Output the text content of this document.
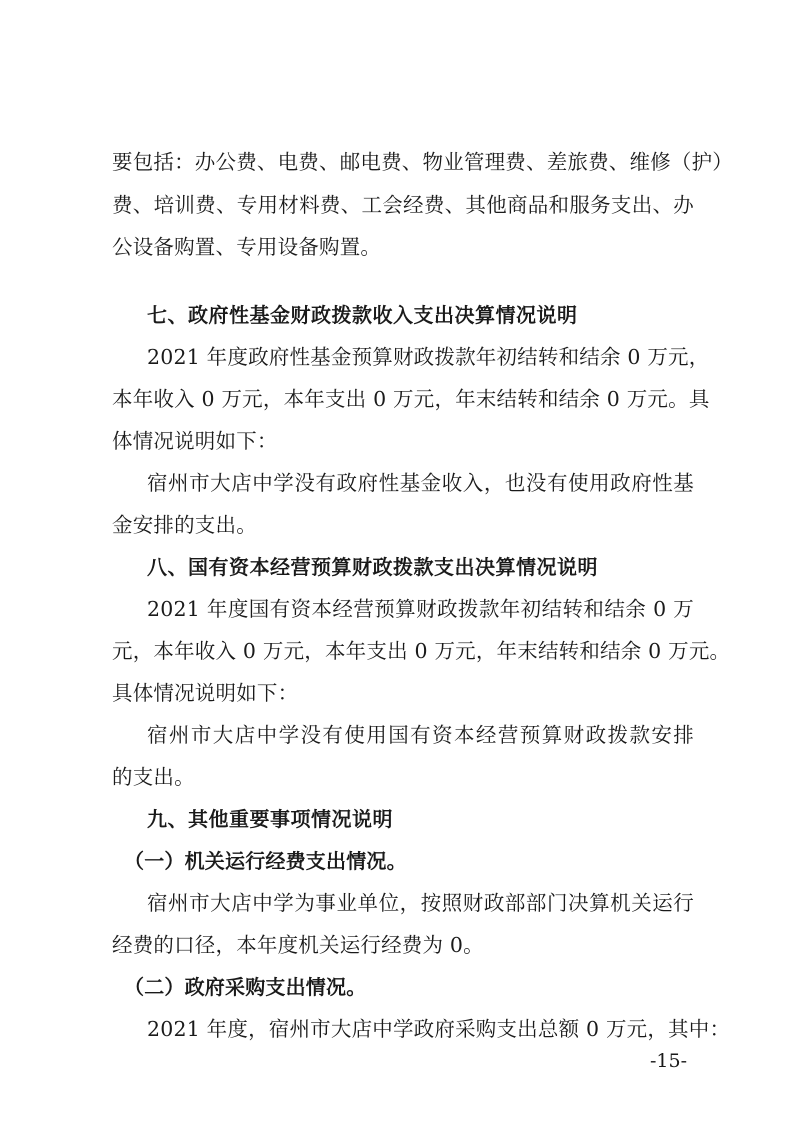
要包括：办公费、电费、邮电费、物业管理费、差旅费、维修（护）
费、培训费、专用材料费、工会经费、其他商品和服务支出、办
公设备购置、专用设备购置。
七、政府性基金财政拨款收入支出决算情况说明
2021 年度政府性基金预算财政拨款年初结转和结余 0 万元，
本年收入 0 万元，本年支出 0 万元，年末结转和结余 0 万元。具
体情况说明如下：
宿州市大店中学没有政府性基金收入，也没有使用政府性基
金安排的支出。
八、国有资本经营预算财政拨款支出决算情况说明
2021 年度国有资本经营预算财政拨款年初结转和结余 0 万
元，本年收入 0 万元，本年支出 0 万元，年末结转和结余 0 万元。
具体情况说明如下：
宿州市大店中学没有使用国有资本经营预算财政拨款安排
的支出。
九、其他重要事项情况说明
（一）机关运行经费支出情况。
宿州市大店中学为事业单位，按照财政部部门决算机关运行
经费的口径，本年度机关运行经费为 0。
（二）政府采购支出情况。
2021 年度，宿州市大店中学政府采购支出总额 0 万元，其中：
-15-
